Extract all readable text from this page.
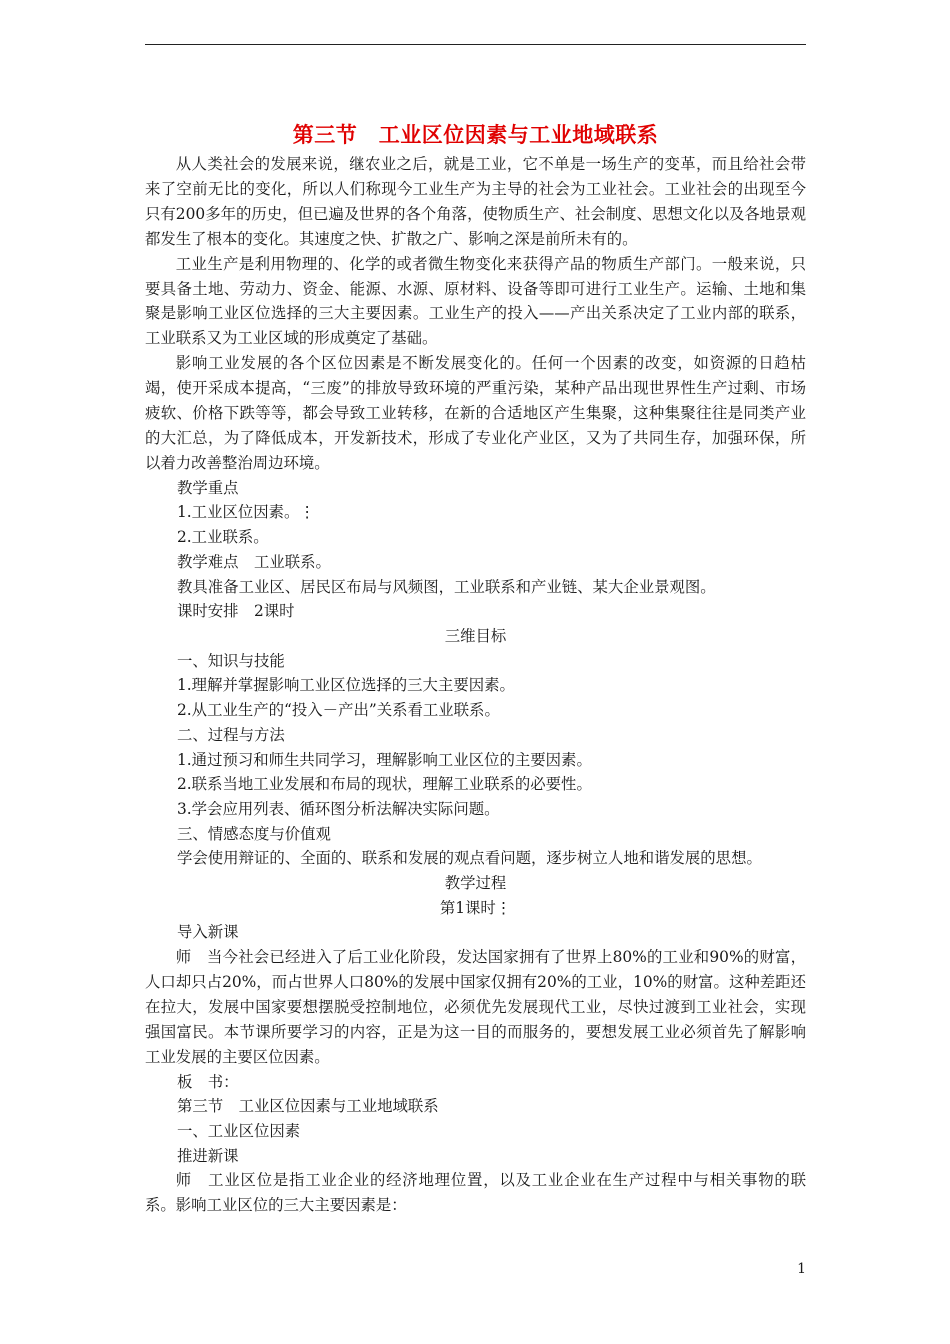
第三节　工业区位因素与工业地域联系

从人类社会的发展来说，继农业之后，就是工业，它不单是一场生产的变革，而且给社会带来了空前无比的变化，所以人们称现今工业生产为主导的社会为工业社会。工业社会的出现至今只有200多年的历史，但已遍及世界的各个角落，使物质生产、社会制度、思想文化以及各地景观都发生了根本的变化。其速度之快、扩散之广、影响之深是前所未有的。

工业生产是利用物理的、化学的或者微生物变化来获得产品的物质生产部门。一般来说，只要具备土地、劳动力、资金、能源、水源、原材料、设备等即可进行工业生产。运输、土地和集聚是影响工业区位选择的三大主要因素。工业生产的投入——产出关系决定了工业内部的联系，工业联系又为工业区域的形成奠定了基础。

影响工业发展的各个区位因素是不断发展变化的。任何一个因素的改变，如资源的日趋枯竭，使开采成本提高，“三废”的排放导致环境的严重污染，某种产品出现世界性生产过剩、市场疲软、价格下跌等等，都会导致工业转移，在新的合适地区产生集聚，这种集聚往往是同类产业的大汇总，为了降低成本，开发新技术，形成了专业化产业区，又为了共同生存，加强环保，所以着力改善整治周边环境。

教学重点

1.工业区位因素。⋮

2.工业联系。

教学难点　工业联系。

教具准备工业区、居民区布局与风频图，工业联系和产业链、某大企业景观图。

课时安排　2课时

三维目标

一、知识与技能

1.理解并掌握影响工业区位选择的三大主要因素。

2.从工业生产的“投入－产出”关系看工业联系。

二、过程与方法

1.通过预习和师生共同学习，理解影响工业区位的主要因素。

2.联系当地工业发展和布局的现状，理解工业联系的必要性。

3.学会应用列表、循环图分析法解决实际问题。

三、情感态度与价值观

学会使用辩证的、全面的、联系和发展的观点看问题，逐步树立人地和谐发展的思想。

教学过程

第1课时⋮

导入新课

师　当今社会已经进入了后工业化阶段，发达国家拥有了世界上80%的工业和90%的财富，人口却只占20%，而占世界人口80%的发展中国家仅拥有20%的工业，10%的财富。这种差距还在拉大，发展中国家要想摆脱受控制地位，必须优先发展现代工业，尽快过渡到工业社会，实现强国富民。本节课所要学习的内容，正是为这一目的而服务的，要想发展工业必须首先了解影响工业发展的主要区位因素。

板　书：

第三节　工业区位因素与工业地域联系

一、工业区位因素

推进新课

师　工业区位是指工业企业的经济地理位置，以及工业企业在生产过程中与相关事物的联系。影响工业区位的三大主要因素是：

1
